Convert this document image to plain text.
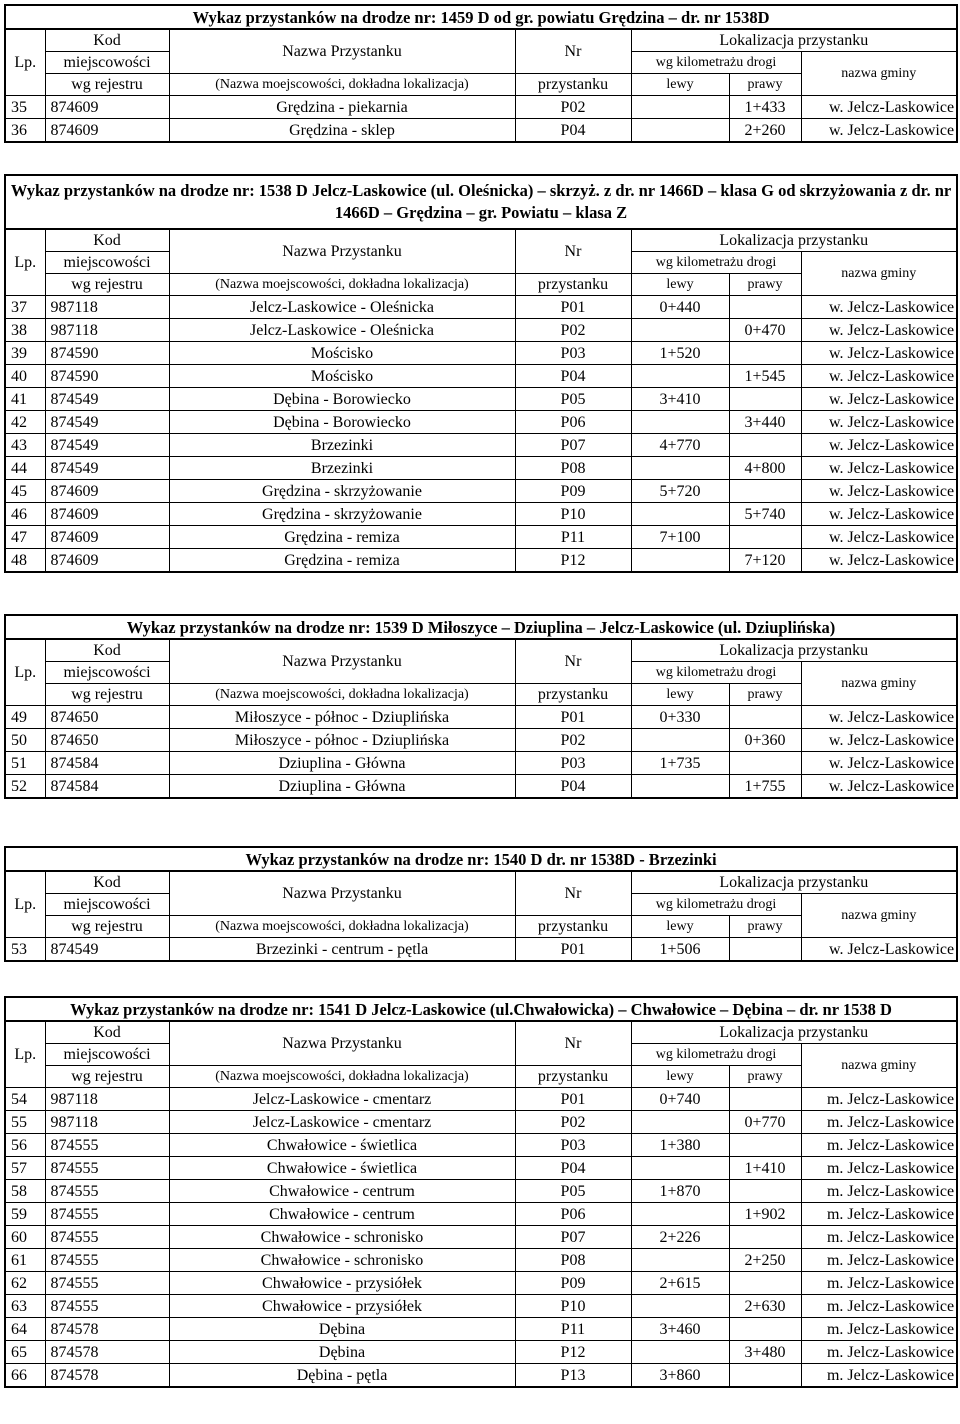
Wykaz przystanków na drodze nr: 1459 D od gr. powiatu Grędzina – dr. nr 1538D						
Lp.	Kod	Nazwa Przystanku	Nr	Lokalizacja przystanku		
	miejscowości			wg kilometrażu drogi		nazwa gminy
	wg rejestru	(Nazwa moejscowości, dokładna lokalizacja)	przystanku	lewy	prawy	
35	874609	Grędzina - piekarnia	P02		1+433	w. Jelcz-Laskowice
36	874609	Grędzina - sklep	P04		2+260	w. Jelcz-Laskowice
Wykaz przystanków na drodze nr: 1538 D Jelcz-Laskowice (ul. Oleśnicka) – skrzyż. z dr. nr 1466D – klasa G od skrzyżowania z dr. nr 1466D – Grędzina – gr. Powiatu – klasa Z						
Lp.	Kod	Nazwa Przystanku	Nr	Lokalizacja przystanku		
	miejscowości			wg kilometrażu drogi		nazwa gminy
	wg rejestru	(Nazwa moejscowości, dokładna lokalizacja)	przystanku	lewy	prawy	
37	987118	Jelcz-Laskowice - Oleśnicka	P01	0+440		w. Jelcz-Laskowice
38	987118	Jelcz-Laskowice - Oleśnicka	P02		0+470	w. Jelcz-Laskowice
39	874590	Mościsko	P03	1+520		w. Jelcz-Laskowice
40	874590	Mościsko	P04		1+545	w. Jelcz-Laskowice
41	874549	Dębina - Borowiecko	P05	3+410		w. Jelcz-Laskowice
42	874549	Dębina - Borowiecko	P06		3+440	w. Jelcz-Laskowice
43	874549	Brzezinki	P07	4+770		w. Jelcz-Laskowice
44	874549	Brzezinki	P08		4+800	w. Jelcz-Laskowice
45	874609	Grędzina - skrzyżowanie	P09	5+720		w. Jelcz-Laskowice
46	874609	Grędzina - skrzyżowanie	P10		5+740	w. Jelcz-Laskowice
47	874609	Grędzina - remiza	P11	7+100		w. Jelcz-Laskowice
48	874609	Grędzina - remiza	P12		7+120	w. Jelcz-Laskowice
Wykaz przystanków na drodze nr: 1539 D Miłoszyce – Dziuplina – Jelcz-Laskowice (ul. Dziuplińska)						
Lp.	Kod	Nazwa Przystanku	Nr	Lokalizacja przystanku		
	miejscowości			wg kilometrażu drogi		nazwa gminy
	wg rejestru	(Nazwa moejscowości, dokładna lokalizacja)	przystanku	lewy	prawy	
49	874650	Miłoszyce - północ - Dziuplińska	P01	0+330		w. Jelcz-Laskowice
50	874650	Miłoszyce - północ - Dziuplińska	P02		0+360	w. Jelcz-Laskowice
51	874584	Dziuplina - Główna	P03	1+735		w. Jelcz-Laskowice
52	874584	Dziuplina - Główna	P04		1+755	w. Jelcz-Laskowice
Wykaz przystanków na drodze nr: 1540 D dr. nr 1538D - Brzezinki						
Lp.	Kod	Nazwa Przystanku	Nr	Lokalizacja przystanku		
	miejscowości			wg kilometrażu drogi		nazwa gminy
	wg rejestru	(Nazwa moejscowości, dokładna lokalizacja)	przystanku	lewy	prawy	
53	874549	Brzezinki - centrum - pętla	P01	1+506		w. Jelcz-Laskowice
Wykaz przystanków na drodze nr: 1541 D Jelcz-Laskowice (ul.Chwałowicka) – Chwałowice – Dębina – dr. nr 1538 D						
Lp.	Kod	Nazwa Przystanku	Nr	Lokalizacja przystanku		
	miejscowości			wg kilometrażu drogi		nazwa gminy
	wg rejestru	(Nazwa moejscowości, dokładna lokalizacja)	przystanku	lewy	prawy	
54	987118	Jelcz-Laskowice - cmentarz	P01	0+740		m. Jelcz-Laskowice
55	987118	Jelcz-Laskowice - cmentarz	P02		0+770	m. Jelcz-Laskowice
56	874555	Chwałowice - świetlica	P03	1+380		m. Jelcz-Laskowice
57	874555	Chwałowice - świetlica	P04		1+410	m. Jelcz-Laskowice
58	874555	Chwałowice - centrum	P05	1+870		m. Jelcz-Laskowice
59	874555	Chwałowice - centrum	P06		1+902	m. Jelcz-Laskowice
60	874555	Chwałowice - schronisko	P07	2+226		m. Jelcz-Laskowice
61	874555	Chwałowice - schronisko	P08		2+250	m. Jelcz-Laskowice
62	874555	Chwałowice - przysiółek	P09	2+615		m. Jelcz-Laskowice
63	874555	Chwałowice - przysiółek	P10		2+630	m. Jelcz-Laskowice
64	874578	Dębina	P11	3+460		m. Jelcz-Laskowice
65	874578	Dębina	P12		3+480	m. Jelcz-Laskowice
66	874578	Dębina - pętla	P13	3+860		m. Jelcz-Laskowice
